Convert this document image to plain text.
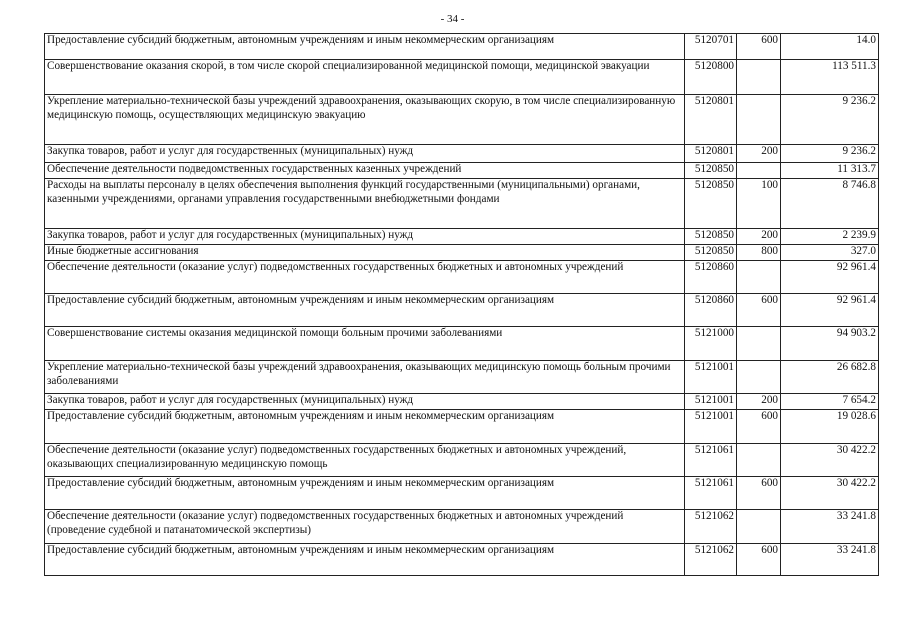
- 34 -
Предоставление субсидий бюджетным, автономным учреждениям и иным некоммерческим организациям	5120701	600	14.0
Совершенствование оказания скорой, в том числе скорой специализированной медицинской помощи, медицинской эвакуации	5120800		113 511.3
Укрепление материально-технической базы учреждений здравоохранения, оказывающих скорую, в том числе специализированную медицинскую помощь, осуществляющих медицинскую эвакуацию	5120801		9 236.2
Закупка товаров, работ и услуг для государственных (муниципальных) нужд	5120801	200	9 236.2
Обеспечение деятельности подведомственных государственных казенных учреждений	5120850		11 313.7
Расходы на выплаты персоналу в целях обеспечения выполнения функций государственными (муниципальными) органами, казенными учреждениями, органами управления государственными внебюджетными фондами	5120850	100	8 746.8
Закупка товаров, работ и услуг для государственных (муниципальных) нужд	5120850	200	2 239.9
Иные бюджетные ассигнования	5120850	800	327.0
Обеспечение деятельности (оказание услуг) подведомственных государственных бюджетных и автономных учреждений	5120860		92 961.4
Предоставление субсидий бюджетным, автономным учреждениям и иным некоммерческим организациям	5120860	600	92 961.4
Совершенствование системы оказания медицинской помощи больным прочими заболеваниями	5121000		94 903.2
Укрепление материально-технической базы учреждений здравоохранения, оказывающих медицинскую помощь больным прочими заболеваниями	5121001		26 682.8
Закупка товаров, работ и услуг для государственных (муниципальных) нужд	5121001	200	7 654.2
Предоставление субсидий бюджетным, автономным учреждениям и иным некоммерческим организациям	5121001	600	19 028.6
Обеспечение деятельности (оказание услуг) подведомственных государственных бюджетных и автономных учреждений, оказывающих специализированную медицинскую помощь	5121061		30 422.2
Предоставление субсидий бюджетным, автономным учреждениям и иным некоммерческим организациям	5121061	600	30 422.2
Обеспечение деятельности (оказание услуг) подведомственных государственных бюджетных и автономных учреждений (проведение судебной и патанатомической экспертизы)	5121062		33 241.8
Предоставление субсидий бюджетным, автономным учреждениям и иным некоммерческим организациям	5121062	600	33 241.8
